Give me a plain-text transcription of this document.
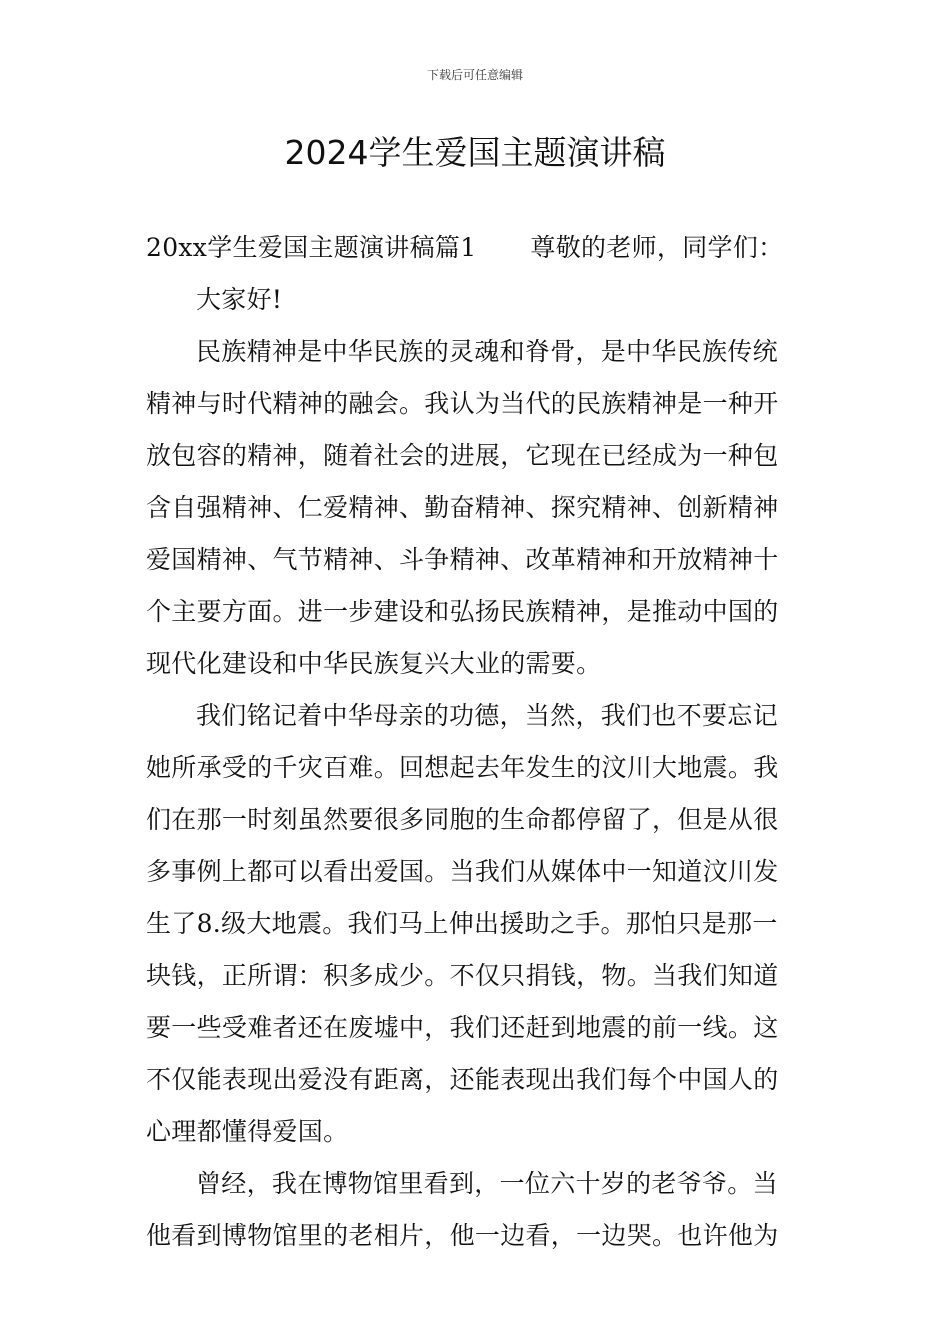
下载后可任意编辑
2024学生爱国主题演讲稿
20xx学生爱国主题演讲稿篇1 尊敬的老师，同学们：
大家好!
民族精神是中华民族的灵魂和脊骨，是中华民族传统
精神与时代精神的融会。我认为当代的民族精神是一种开
放包容的精神，随着社会的进展，它现在已经成为一种包
含自强精神、仁爱精神、勤奋精神、探究精神、创新精神
爱国精神、气节精神、斗争精神、改革精神和开放精神十
个主要方面。进一步建设和弘扬民族精神，是推动中国的
现代化建设和中华民族复兴大业的需要。
我们铭记着中华母亲的功德，当然，我们也不要忘记
她所承受的千灾百难。回想起去年发生的汶川大地震。我
们在那一时刻虽然要很多同胞的生命都停留了，但是从很
多事例上都可以看出爱国。当我们从媒体中一知道汶川发
生了8.级大地震。我们马上伸出援助之手。那怕只是那一
块钱，正所谓：积多成少。不仅只捐钱，物。当我们知道
要一些受难者还在废墟中，我们还赶到地震的前一线。这
不仅能表现出爱没有距离，还能表现出我们每个中国人的
心理都懂得爱国。
曾经，我在博物馆里看到，一位六十岁的老爷爷。当
他看到博物馆里的老相片，他一边看，一边哭。也许他为
